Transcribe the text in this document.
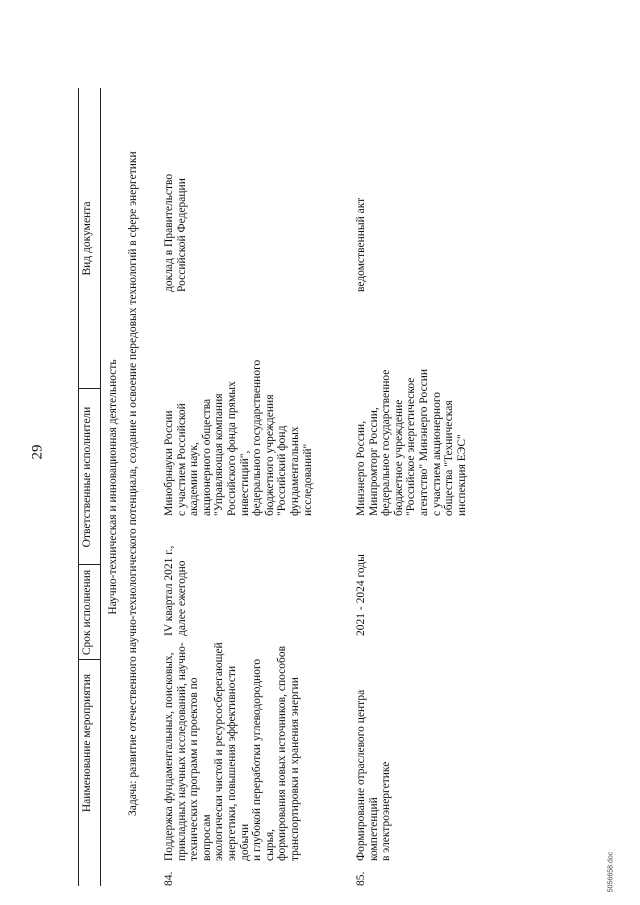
29
5056658.doc
Наименование мероприятия
Срок исполнения
Ответственные исполнители
Вид документа
Научно-техническая и инновационная деятельность Задача: развитие отечественного научно-технологического потенциала, создание и освоение передовых технологий в сфере энергетики
84.
Поддержка фундаментальных, поисковых,
прикладных научных исследований, научно-
технических программ и проектов по вопросам
экологически чистой и ресурсосберегающей
энергетики, повышения эффективности добычи
и глубокой переработки углеводородного сырья,
формирования новых источников, способов
транспортировки и хранения энергии
IV квартал 2021 г.,
далее ежегодно
Минобрнауки России
с участием Российской
академии наук,
акционерного общества
"Управляющая компания
Российского фонда прямых
инвестиций",
федерального государственного
бюджетного учреждения
"Российский фонд
фундаментальных
исследований"
доклад в Правительство
Российской Федерации
85.
Формирование отраслевого центра компетенций
в электроэнергетике
2021 - 2024 годы
Минэнерго России,
Минпромторг России,
федеральное государственное
бюджетное учреждение
"Российское энергетическое
агентство" Минэнерго России
с участием акционерного
общества "Техническая
инспекция ЕЭС"
ведомственный акт
